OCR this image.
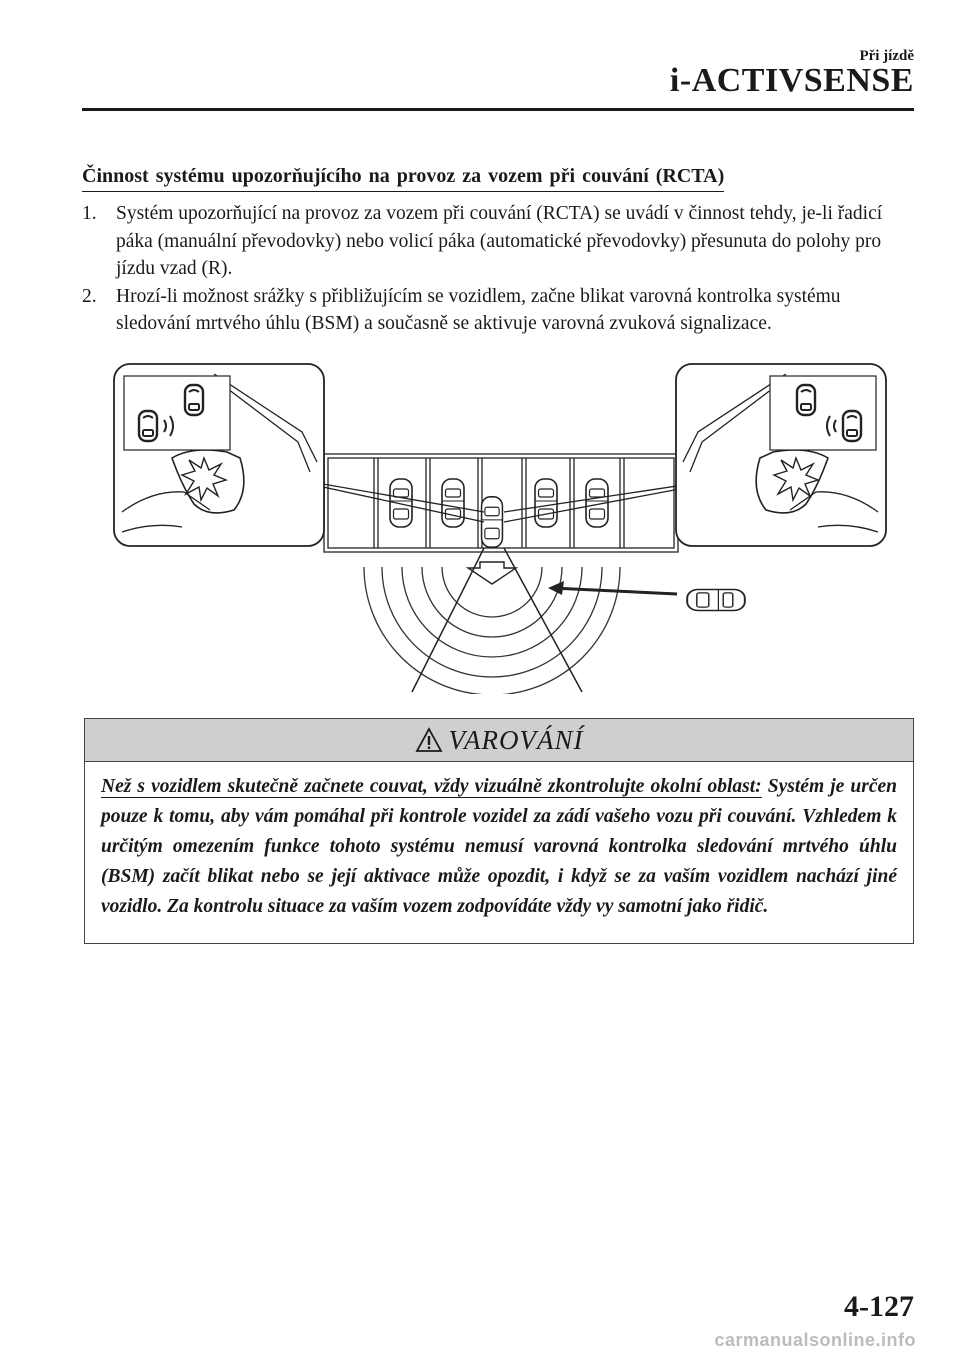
Při jízdě
i-ACTIVSENSE
Činnost systému upozorňujícího na provoz za vozem při couvání (RCTA)
1. Systém upozorňující na provoz za vozem při couvání (RCTA) se uvádí v činnost tehdy, je-li řadicí páka (manuální převodovky) nebo volicí páka (automatické převodovky) přesunuta do polohy pro jízdu vzad (R).
2. Hrozí-li možnost srážky s přibližujícím se vozidlem, začne blikat varovná kontrolka systému sledování mrtvého úhlu (BSM) a současně se aktivuje varovná zvuková signalizace.
VAROVÁNÍ
Než s vozidlem skutečně začnete couvat, vždy vizuálně zkontrolujte okolní oblast: Systém je určen pouze k tomu, aby vám pomáhal při kontrole vozidel za zádí vašeho vozu při couvání. Vzhledem k určitým omezením funkce tohoto systému nemusí varovná kontrolka sledování mrtvého úhlu (BSM) začít blikat nebo se její aktivace může opozdit, i když se za vaším vozidlem nachází jiné vozidlo. Za kontrolu situace za vaším vozem zodpovídáte vždy vy samotní jako řidič.
4-127
carmanualsonline.info
